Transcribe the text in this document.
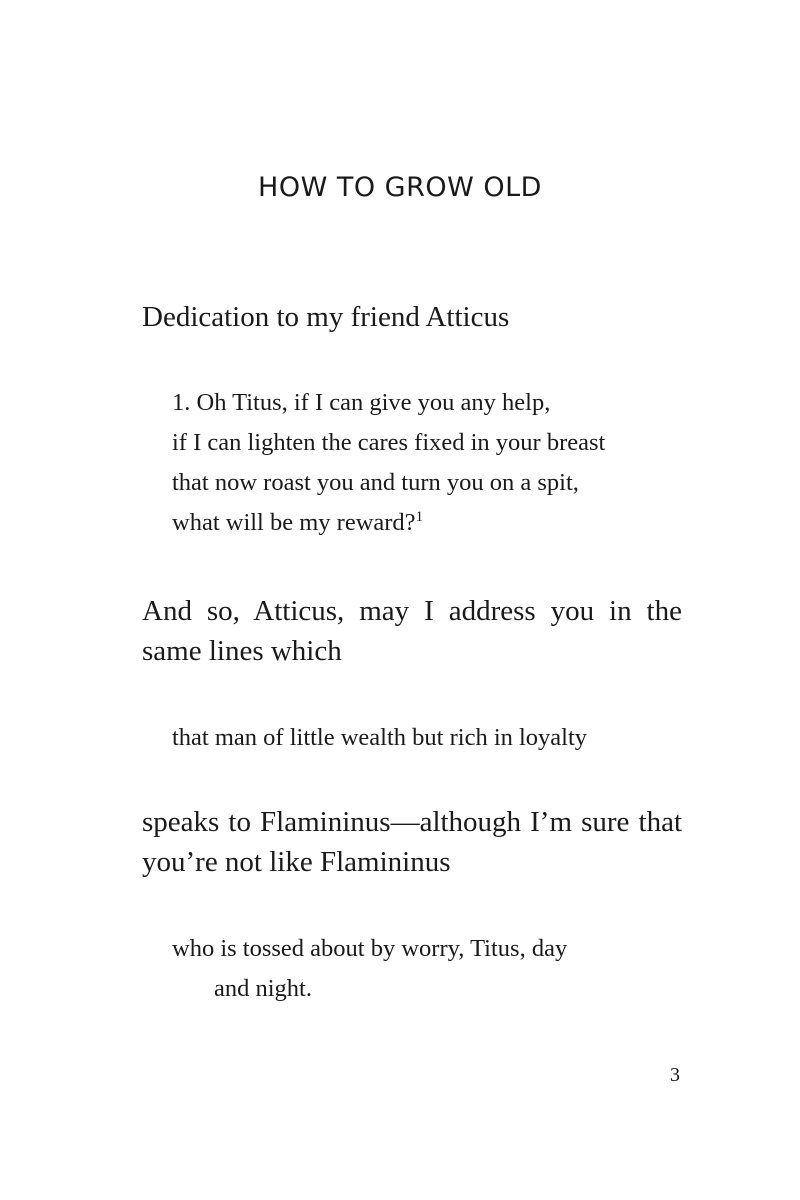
HOW TO GROW OLD

Dedication to my friend Atticus

1. Oh Titus, if I can give you any help,
if I can lighten the cares fixed in your breast
that now roast you and turn you on a spit,
what will be my reward?$^1$

And so, Atticus, may I address you in the same lines which

that man of little wealth but rich in loyalty

speaks to Flamininus—although I’m sure that you’re not like Flamininus

who is tossed about by worry, Titus, day
and night.
3
